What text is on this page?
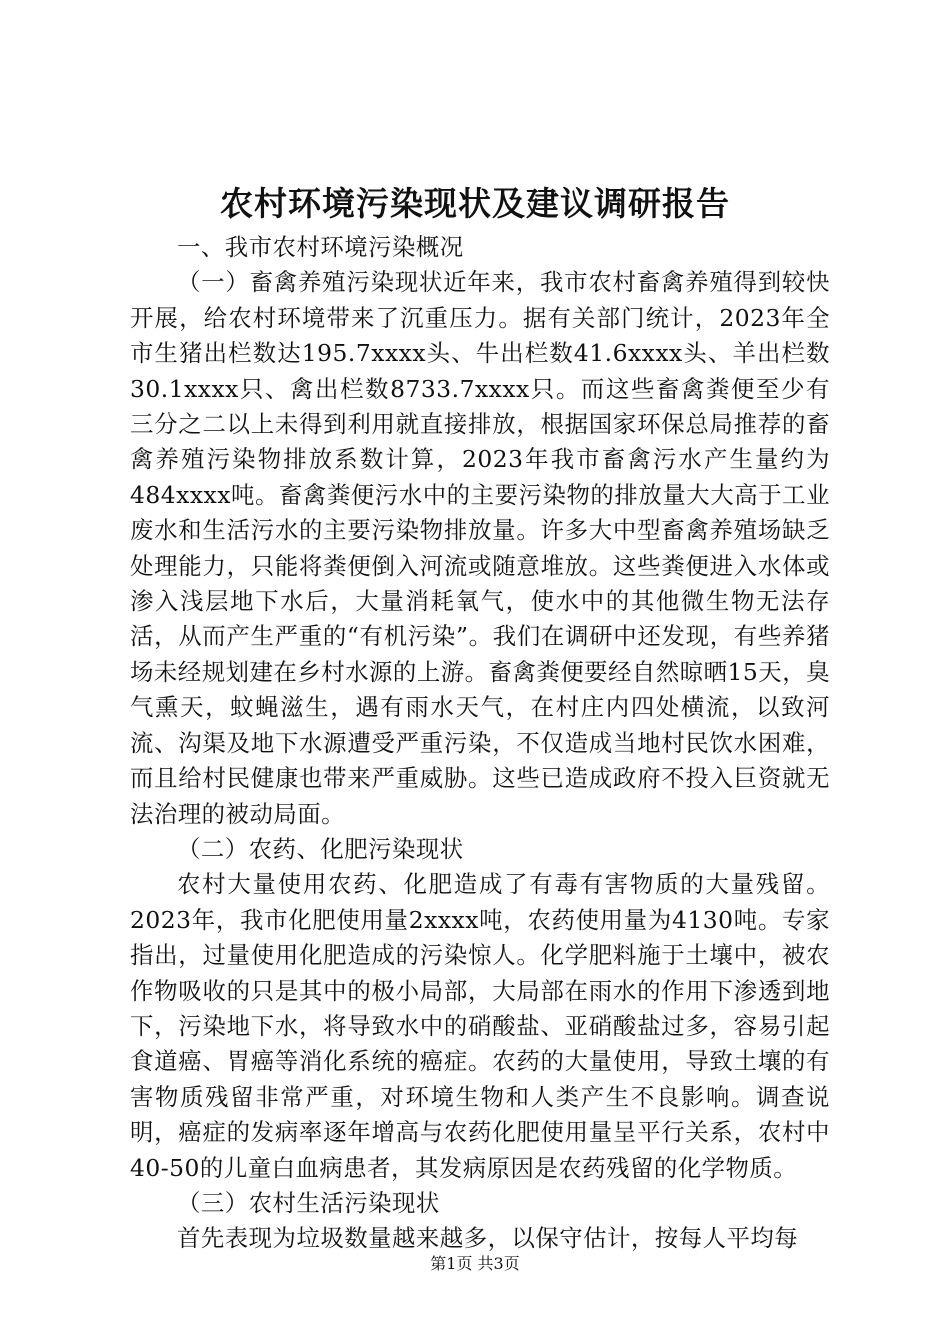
农村环境污染现状及建议调研报告

一、我市农村环境污染概况

（一）畜禽养殖污染现状近年来，我市农村畜禽养殖得到较快开展，给农村环境带来了沉重压力。据有关部门统计，2023年全市生猪出栏数达195.7xxxx头、牛出栏数41.6xxxx头、羊出栏数30.1xxxx只、禽出栏数8733.7xxxx只。而这些畜禽粪便至少有三分之二以上未得到利用就直接排放，根据国家环保总局推荐的畜禽养殖污染物排放系数计算，2023年我市畜禽污水产生量约为484xxxx吨。畜禽粪便污水中的主要污染物的排放量大大高于工业废水和生活污水的主要污染物排放量。许多大中型畜禽养殖场缺乏处理能力，只能将粪便倒入河流或随意堆放。这些粪便进入水体或渗入浅层地下水后，大量消耗氧气，使水中的其他微生物无法存活，从而产生严重的“有机污染”。我们在调研中还发现，有些养猪场未经规划建在乡村水源的上游。畜禽粪便要经自然晾晒15天，臭气熏天，蚊蝇滋生，遇有雨水天气，在村庄内四处横流，以致河流、沟渠及地下水源遭受严重污染，不仅造成当地村民饮水困难，而且给村民健康也带来严重威胁。这些已造成政府不投入巨资就无法治理的被动局面。

（二）农药、化肥污染现状

农村大量使用农药、化肥造成了有毒有害物质的大量残留。2023年，我市化肥使用量2xxxx吨，农药使用量为4130吨。专家指出，过量使用化肥造成的污染惊人。化学肥料施于土壤中，被农作物吸收的只是其中的极小局部，大局部在雨水的作用下渗透到地下，污染地下水，将导致水中的硝酸盐、亚硝酸盐过多，容易引起食道癌、胃癌等消化系统的癌症。农药的大量使用，导致土壤的有害物质残留非常严重，对环境生物和人类产生不良影响。调查说明，癌症的发病率逐年增高与农药化肥使用量呈平行关系，农村中40-50的儿童白血病患者，其发病原因是农药残留的化学物质。

（三）农村生活污染现状

首先表现为垃圾数量越来越多，以保守估计，按每人平均每

第1页 共3页
